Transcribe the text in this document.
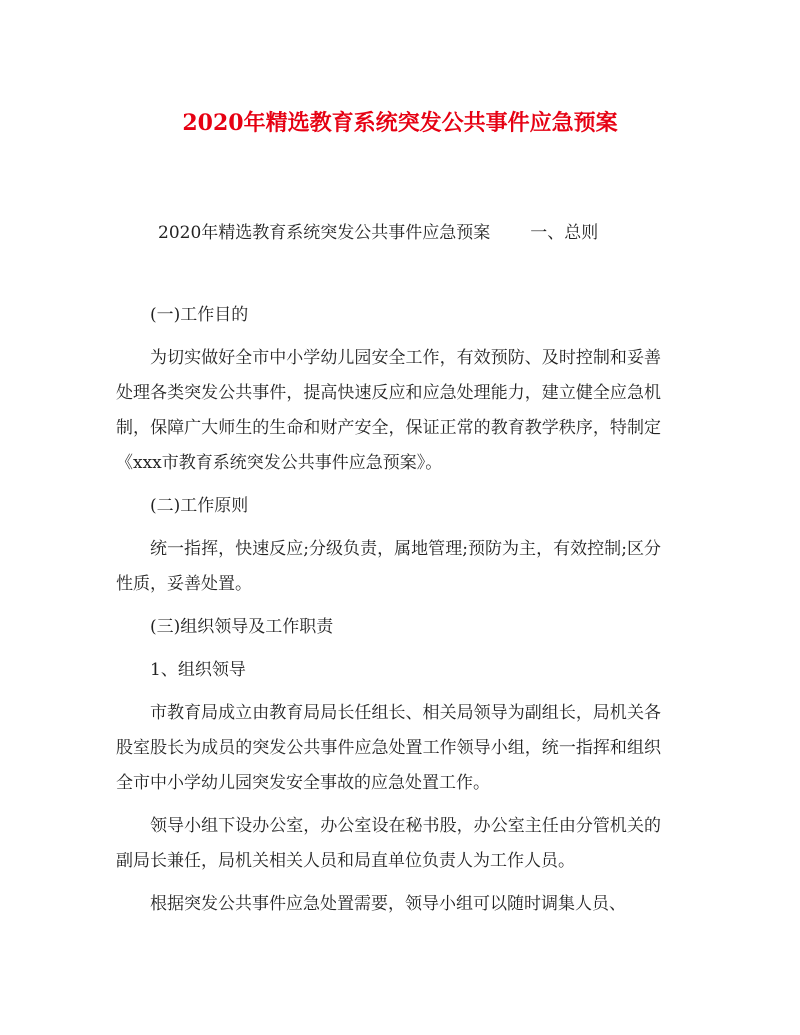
2020年精选教育系统突发公共事件应急预案
2020年精选教育系统突发公共事件应急预案 一、总则

(一)工作目的

为切实做好全市中小学幼儿园安全工作，有效预防、及时控制和妥善处理各类突发公共事件，提高快速反应和应急处理能力，建立健全应急机制，保障广大师生的生命和财产安全，保证正常的教育教学秩序，特制定《xxx市教育系统突发公共事件应急预案》。

(二)工作原则

统一指挥，快速反应;分级负责，属地管理;预防为主，有效控制;区分性质，妥善处置。

(三)组织领导及工作职责

1、组织领导

市教育局成立由教育局局长任组长、相关局领导为副组长，局机关各股室股长为成员的突发公共事件应急处置工作领导小组，统一指挥和组织全市中小学幼儿园突发安全事故的应急处置工作。

领导小组下设办公室，办公室设在秘书股，办公室主任由分管机关的副局长兼任，局机关相关人员和局直单位负责人为工作人员。

根据突发公共事件应急处置需要，领导小组可以随时调集人员、
